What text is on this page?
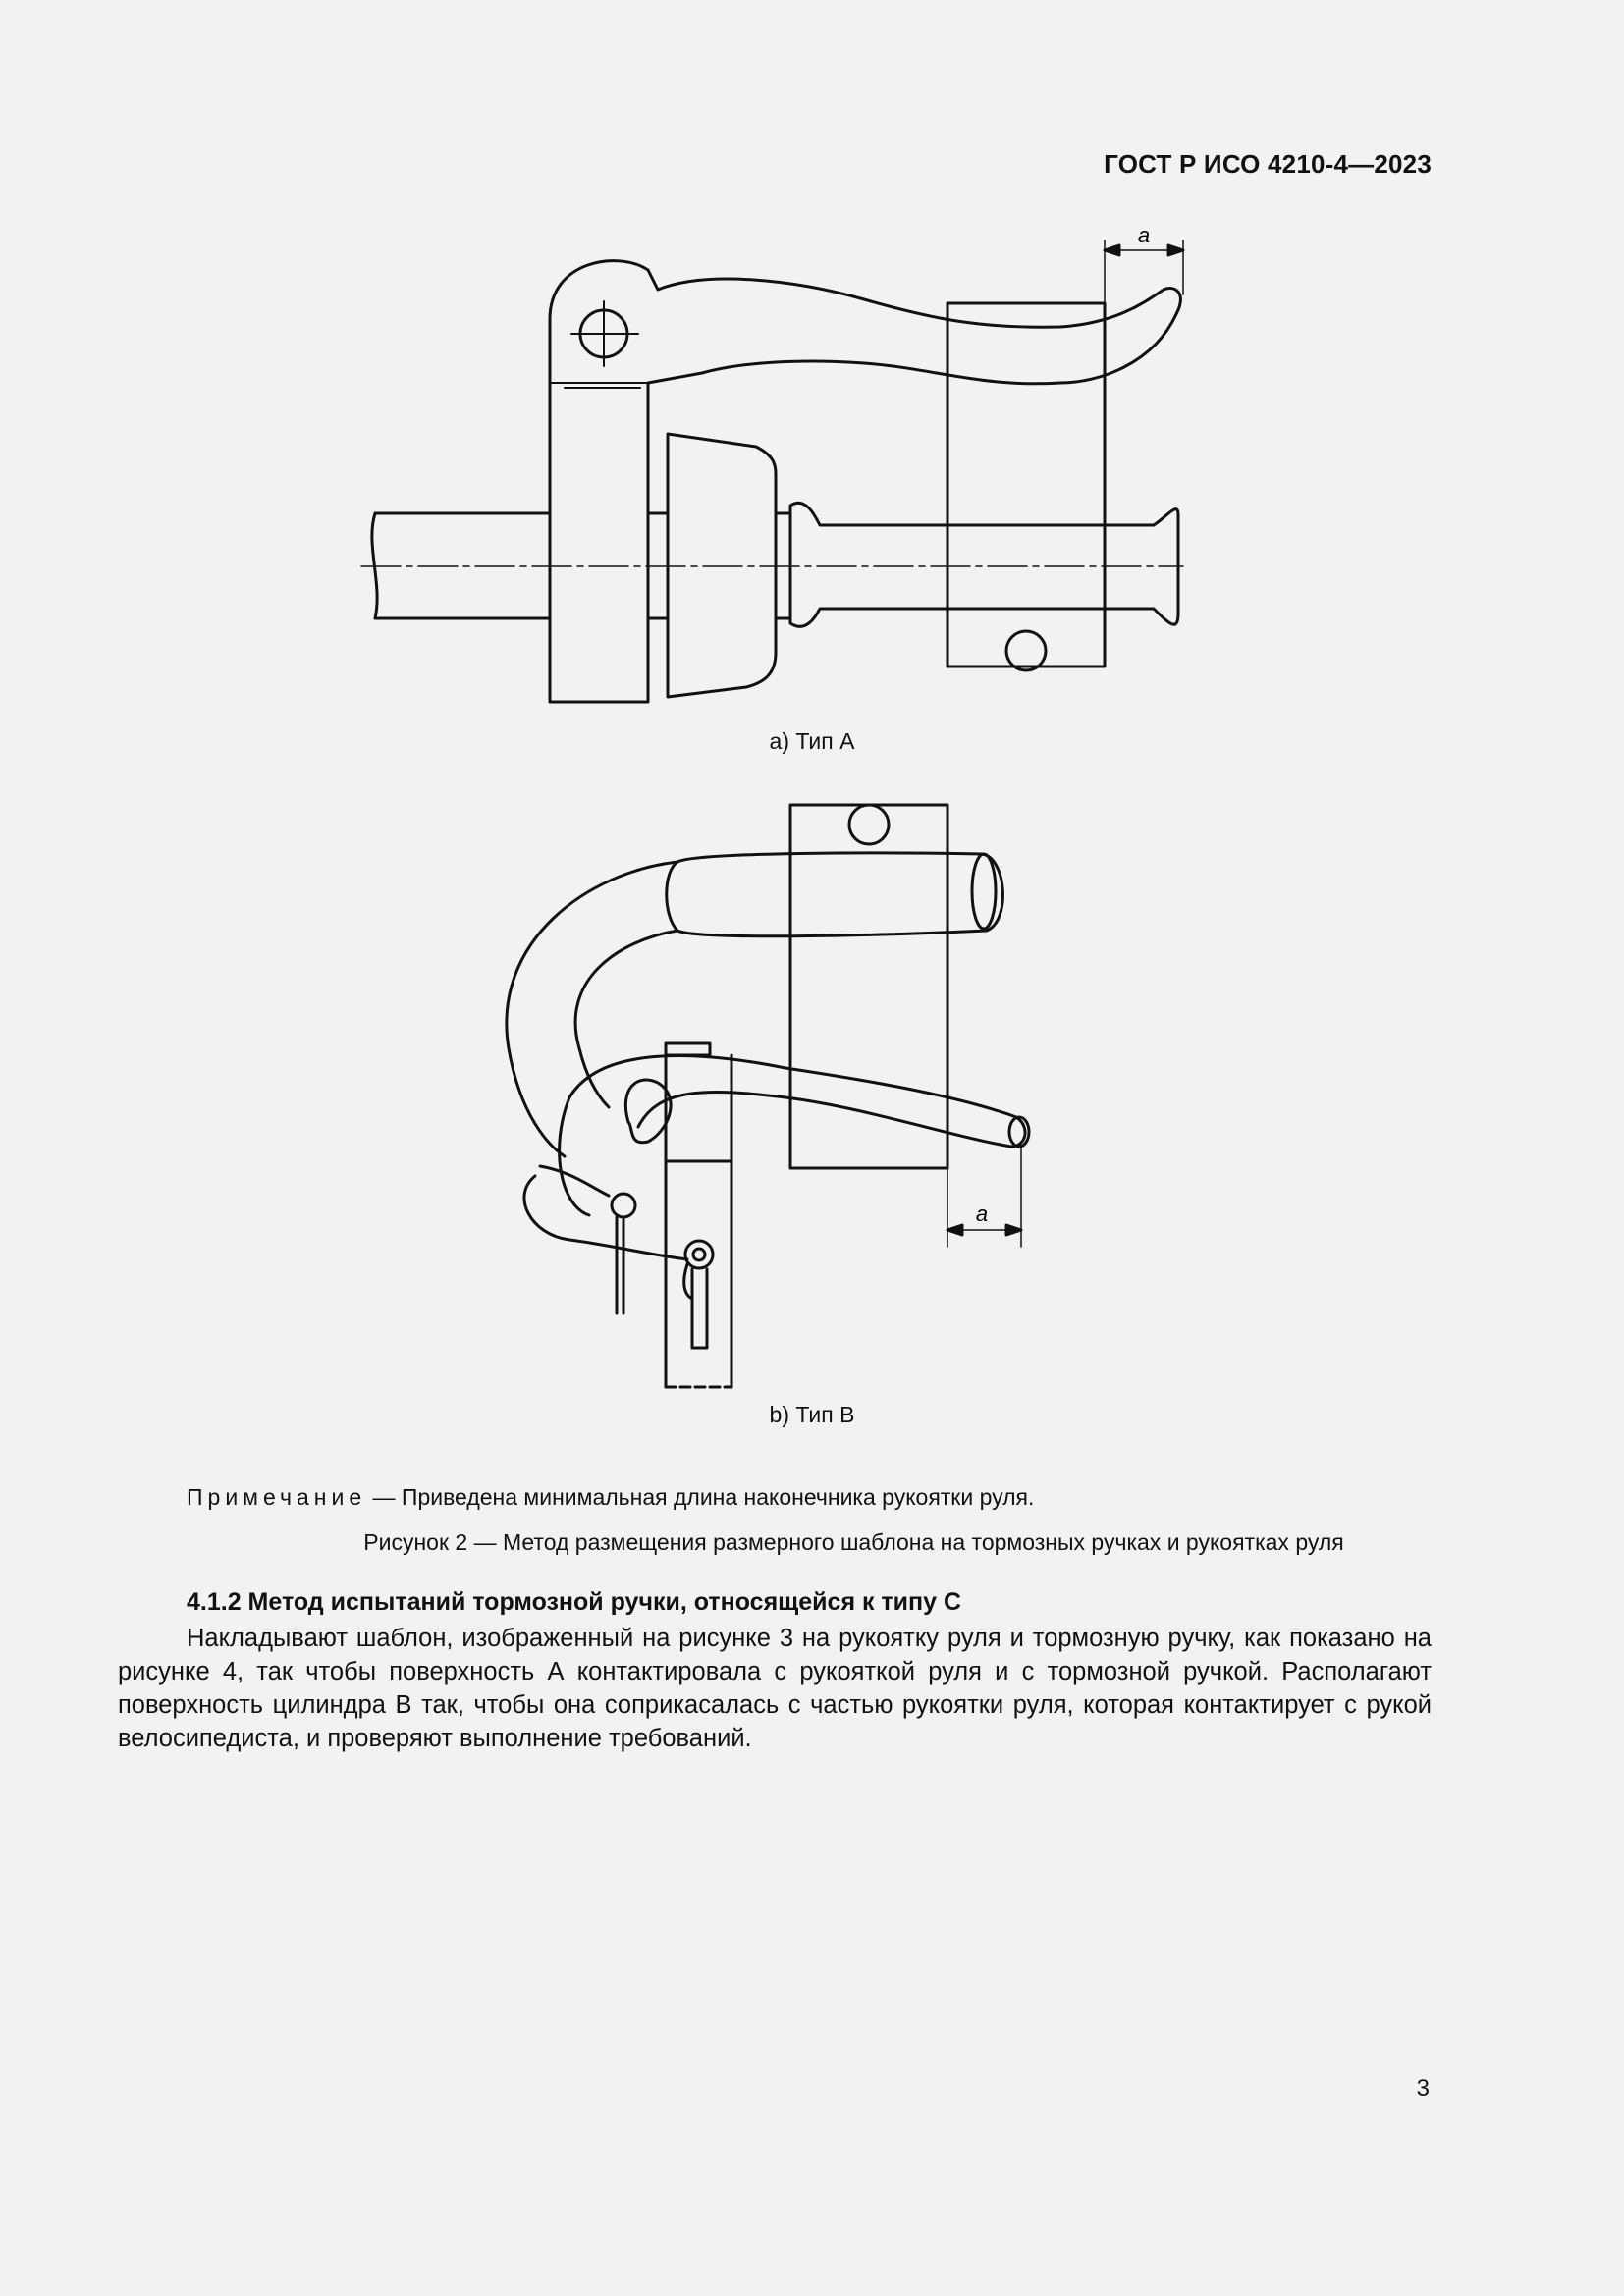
ГОСТ Р ИСО 4210-4—2023
a
a) Тип А
a
b) Тип В
Примечание — Приведена минимальная длина наконечника рукоятки руля.
Рисунок 2 — Метод размещения размерного шаблона на тормозных ручках и рукоятках руля
4.1.2 Метод испытаний тормозной ручки, относящейся к типу С
Накладывают шаблон, изображенный на рисунке 3 на рукоятку руля и тормозную ручку, как показано на рисунке 4, так чтобы поверхность А контактировала с рукояткой руля и с тормозной ручкой. Располагают поверхность цилиндра В так, чтобы она соприкасалась с частью рукоятки руля, которая контактирует с рукой велосипедиста, и проверяют выполнение требований.
3
